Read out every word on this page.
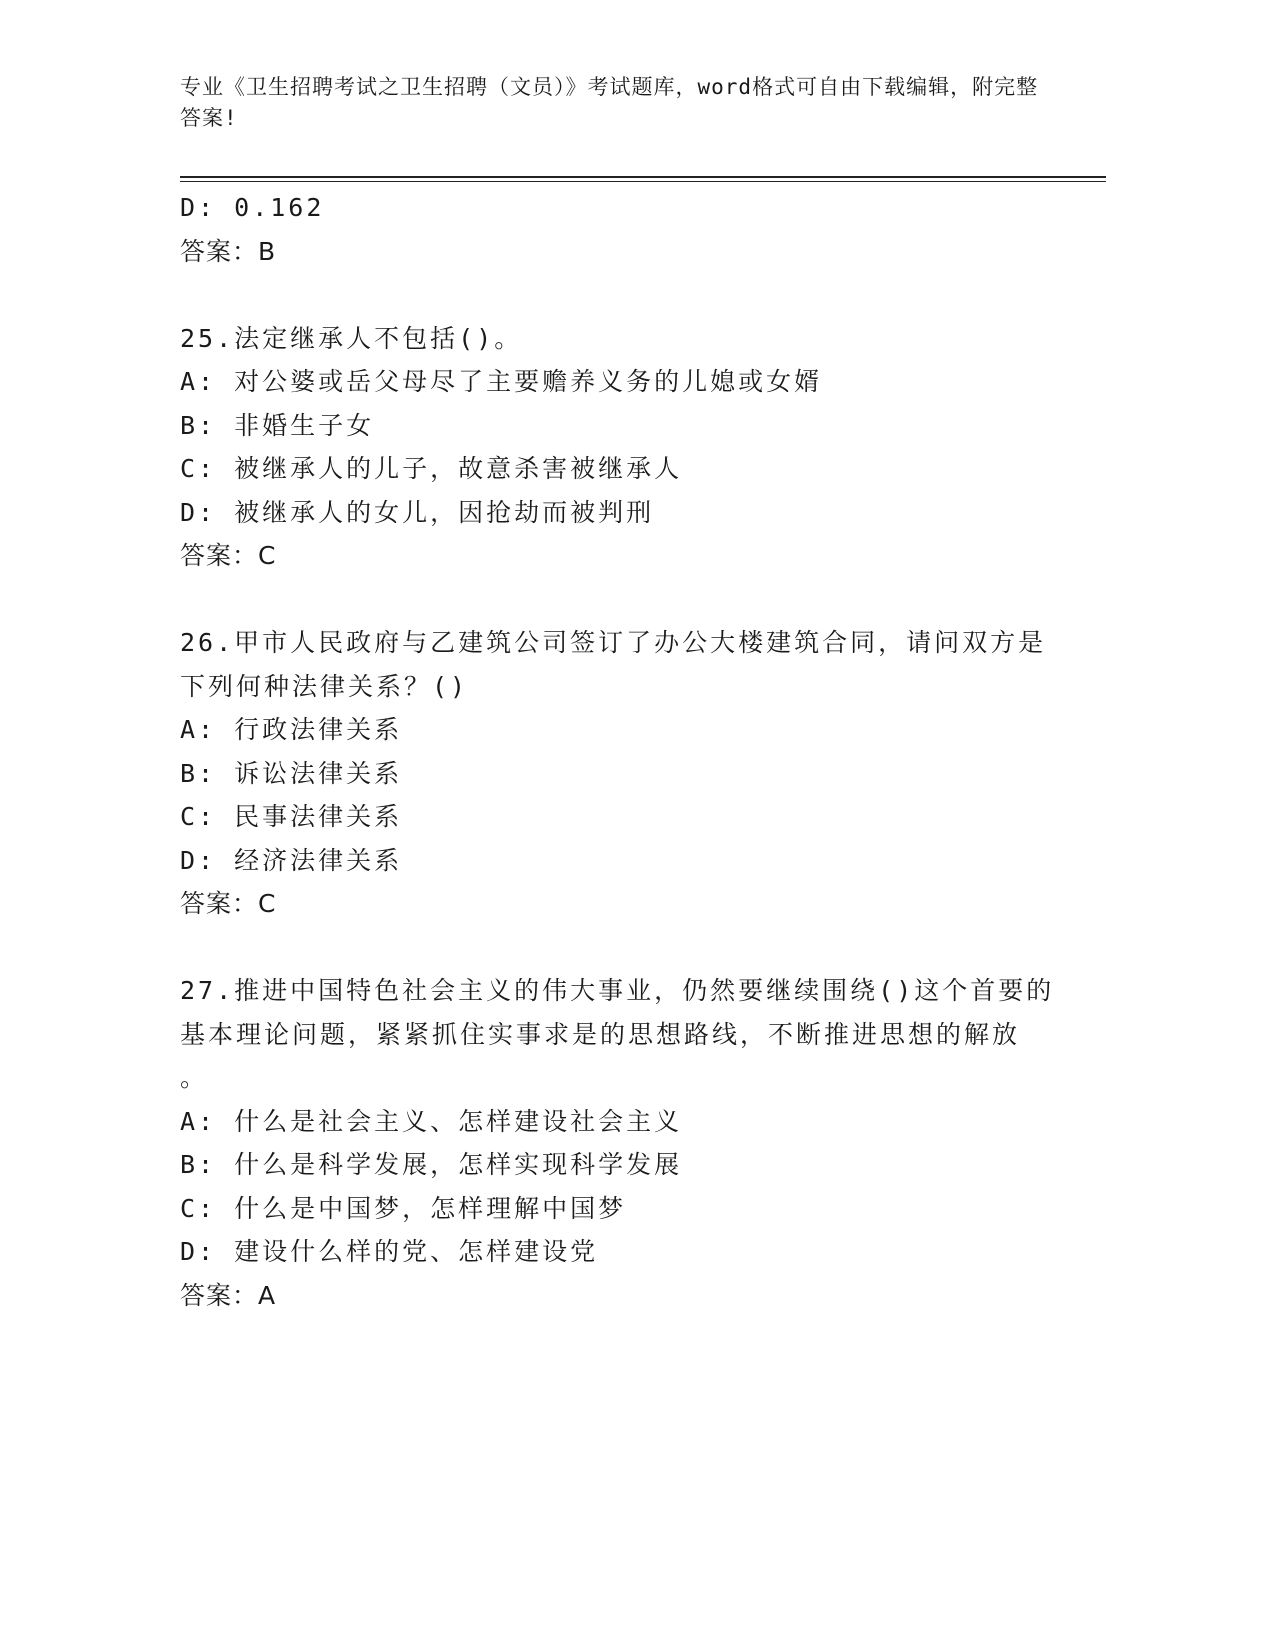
专业《卫生招聘考试之卫生招聘（文员）》考试题库，word格式可自由下载编辑，附完整答案!
D: 0.162
答案：B
25.法定继承人不包括()。
A: 对公婆或岳父母尽了主要赡养义务的儿媳或女婿
B: 非婚生子女
C: 被继承人的儿子，故意杀害被继承人
D: 被继承人的女儿，因抢劫而被判刑
答案：C
26.甲市人民政府与乙建筑公司签订了办公大楼建筑合同，请问双方是
下列何种法律关系？()
A: 行政法律关系
B: 诉讼法律关系
C: 民事法律关系
D: 经济法律关系
答案：C
27.推进中国特色社会主义的伟大事业，仍然要继续围绕()这个首要的
基本理论问题，紧紧抓住实事求是的思想路线，不断推进思想的解放
。
A: 什么是社会主义、怎样建设社会主义
B: 什么是科学发展，怎样实现科学发展
C: 什么是中国梦，怎样理解中国梦
D: 建设什么样的党、怎样建设党
答案：A
